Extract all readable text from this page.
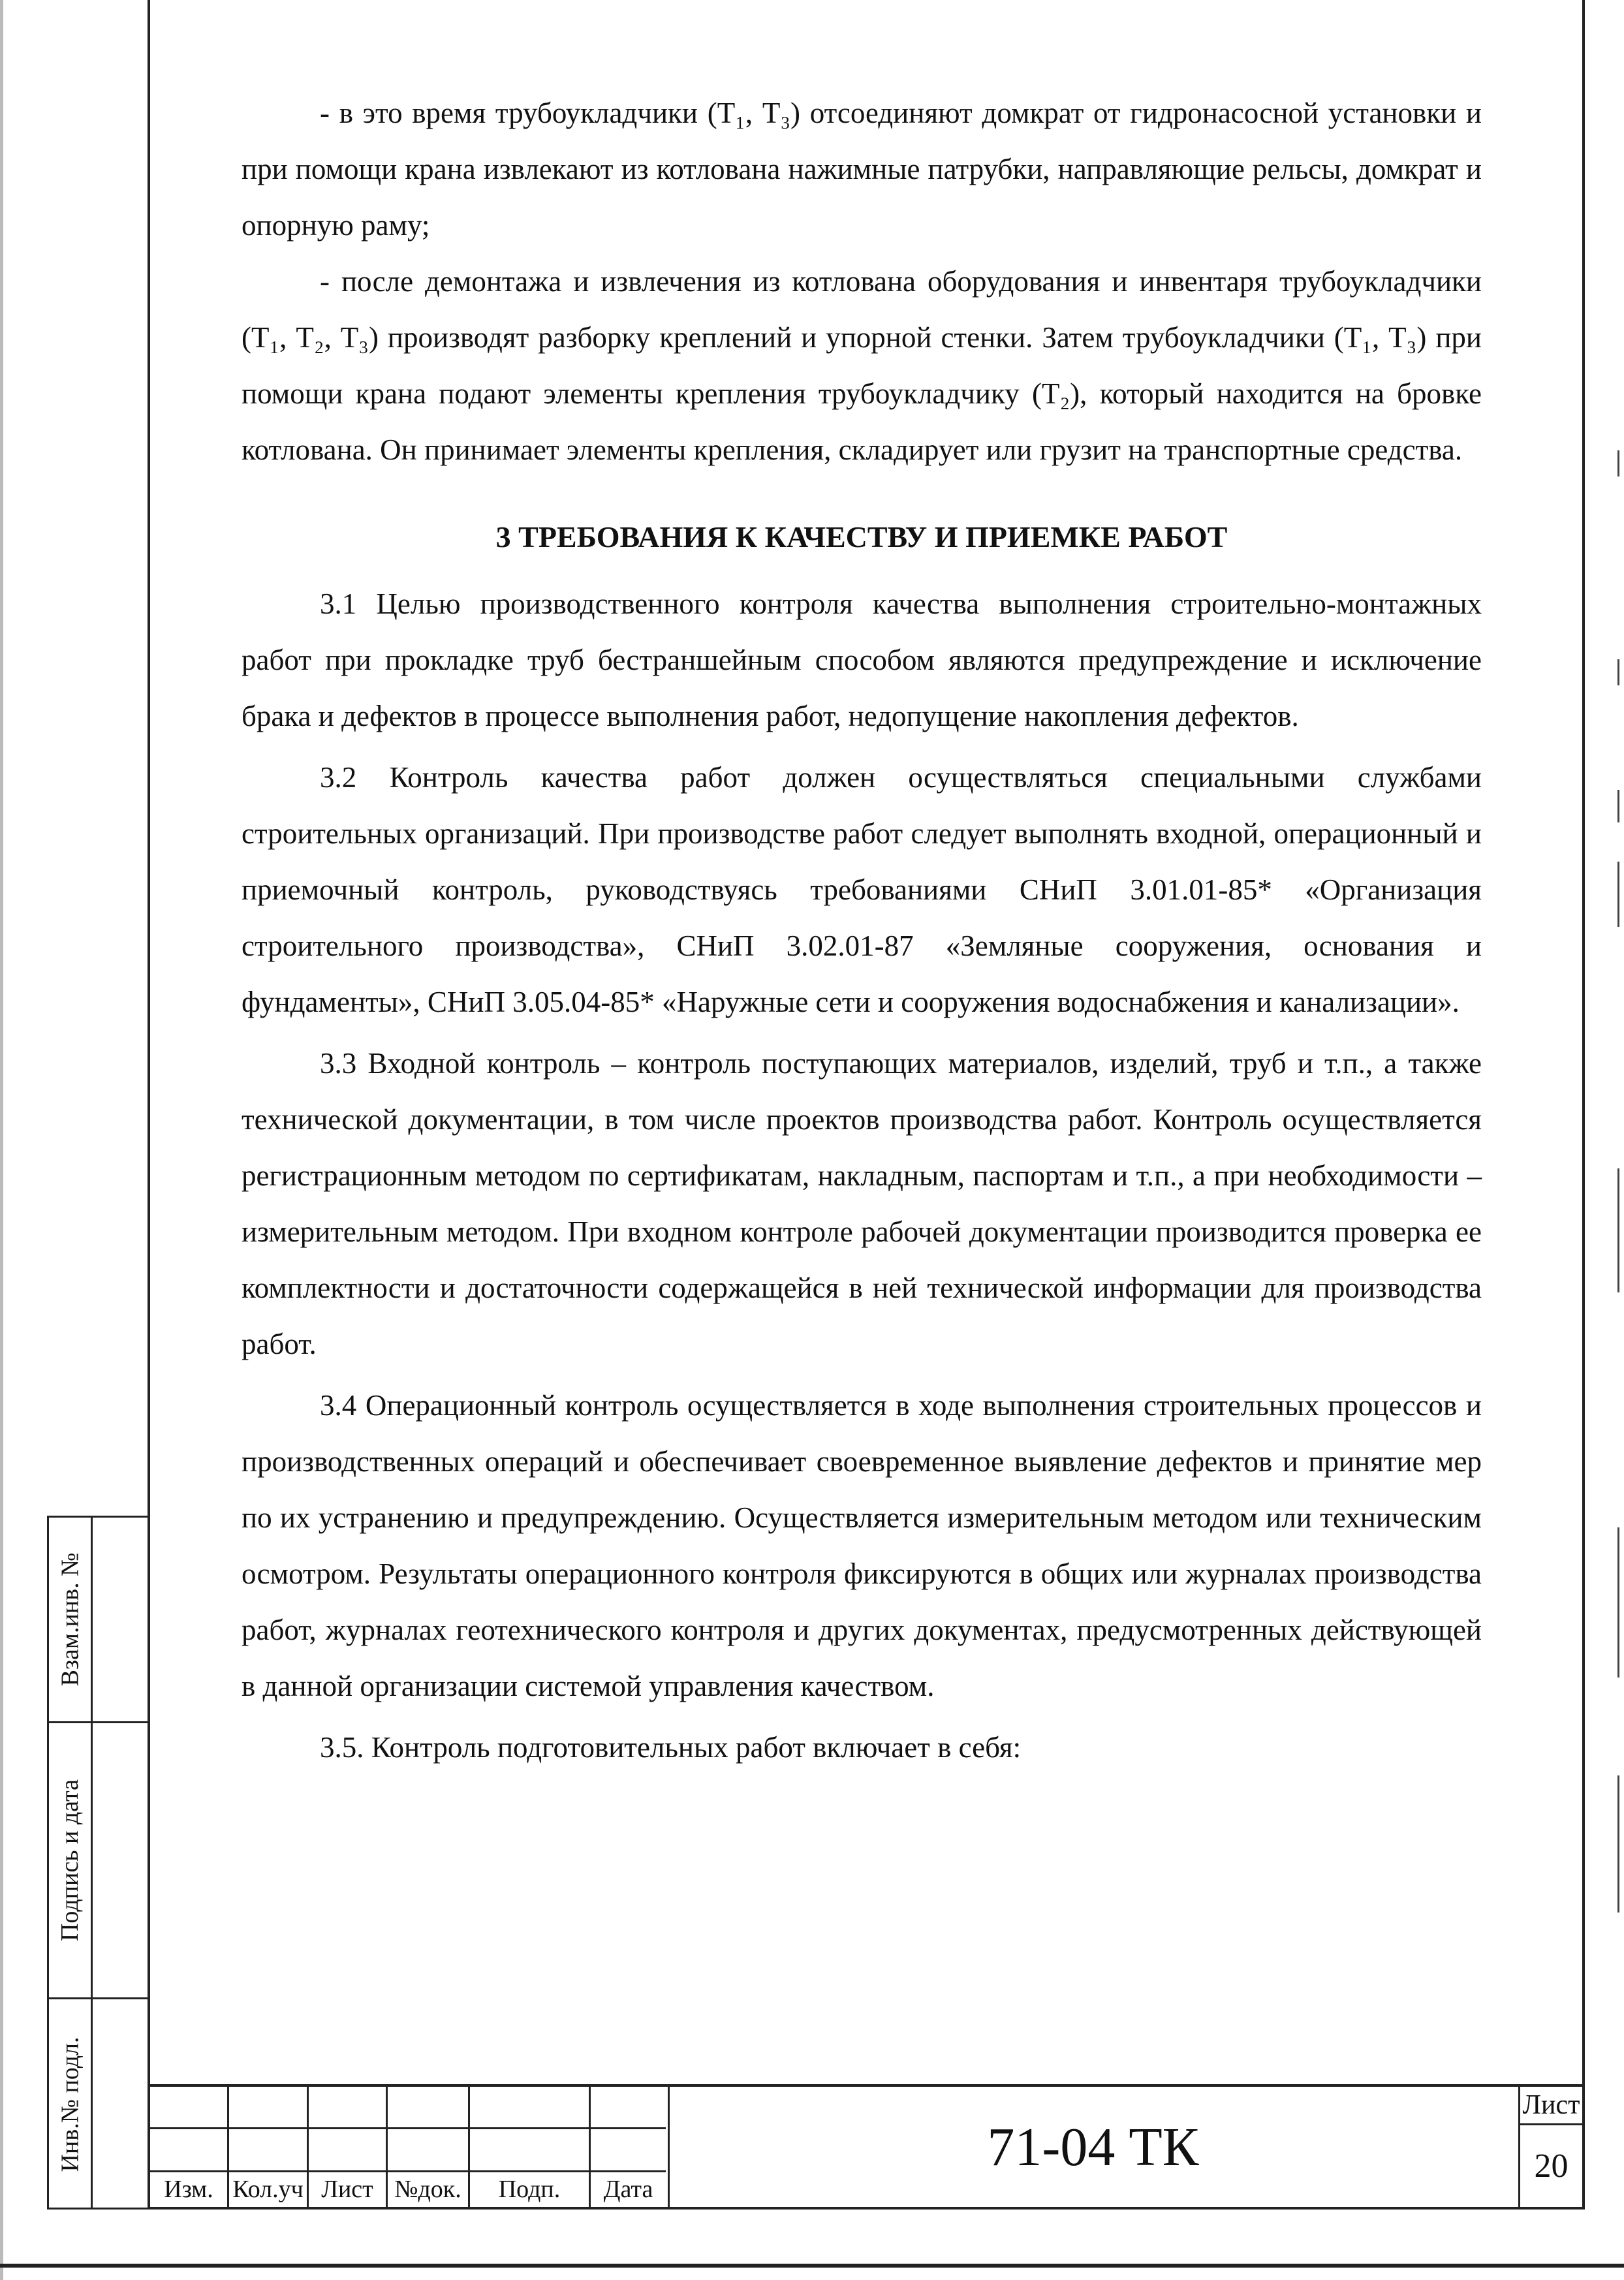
- в это время трубоукладчики (Т₁, Т₃) отсоединяют домкрат от гидронасосной установки и при помощи крана извлекают из котлована нажимные патрубки, направляющие рельсы, домкрат и опорную раму;

- после демонтажа и извлечения из котлована оборудования и инвентаря трубоукладчики (Т₁, Т₂, Т₃) производят разборку креплений и упорной стенки. Затем трубоукладчики (Т₁, Т₃) при помощи крана подают элементы крепления трубоукладчику (Т₂), который находится на бровке котлована. Он принимает элементы крепления, складирует или грузит на транспортные средства.

3 ТРЕБОВАНИЯ К КАЧЕСТВУ И ПРИЕМКЕ РАБОТ

3.1 Целью производственного контроля качества выполнения строительно-монтажных работ при прокладке труб бестраншейным способом являются предупреждение и исключение брака и дефектов в процессе выполнения работ, недопущение накопления дефектов.

3.2 Контроль качества работ должен осуществляться специальными службами строительных организаций. При производстве работ следует выполнять входной, операционный и приемочный контроль, руководствуясь требованиями СНиП 3.01.01-85* «Организация строительного производства», СНиП 3.02.01-87 «Земляные сооружения, основания и фундаменты», СНиП 3.05.04-85* «Наружные сети и сооружения водоснабжения и канализации».

3.3 Входной контроль – контроль поступающих материалов, изделий, труб и т.п., а также технической документации, в том числе проектов производства работ. Контроль осуществляется регистрационным методом по сертификатам, накладным, паспортам и т.п., а при необходимости – измерительным методом. При входном контроле рабочей документации производится проверка ее комплектности и достаточности содержащейся в ней технической информации для производства работ.

3.4 Операционный контроль осуществляется в ходе выполнения строительных процессов и производственных операций и обеспечивает своевременное выявление дефектов и принятие мер по их устранению и предупреждению. Осуществляется измерительным методом или техническим осмотром. Результаты операционного контроля фиксируются в общих или журналах производства работ, журналах геотехнического контроля и других документах, предусмотренных действующей в данной организации системой управления качеством.

3.5. Контроль подготовительных работ включает в себя:

Взам.инв. №
Подпись и дата
Инв.№ подл.
Изм. Кол.уч Лист №док.	Подп.	Дата
71-04 ТК
Лист
20
